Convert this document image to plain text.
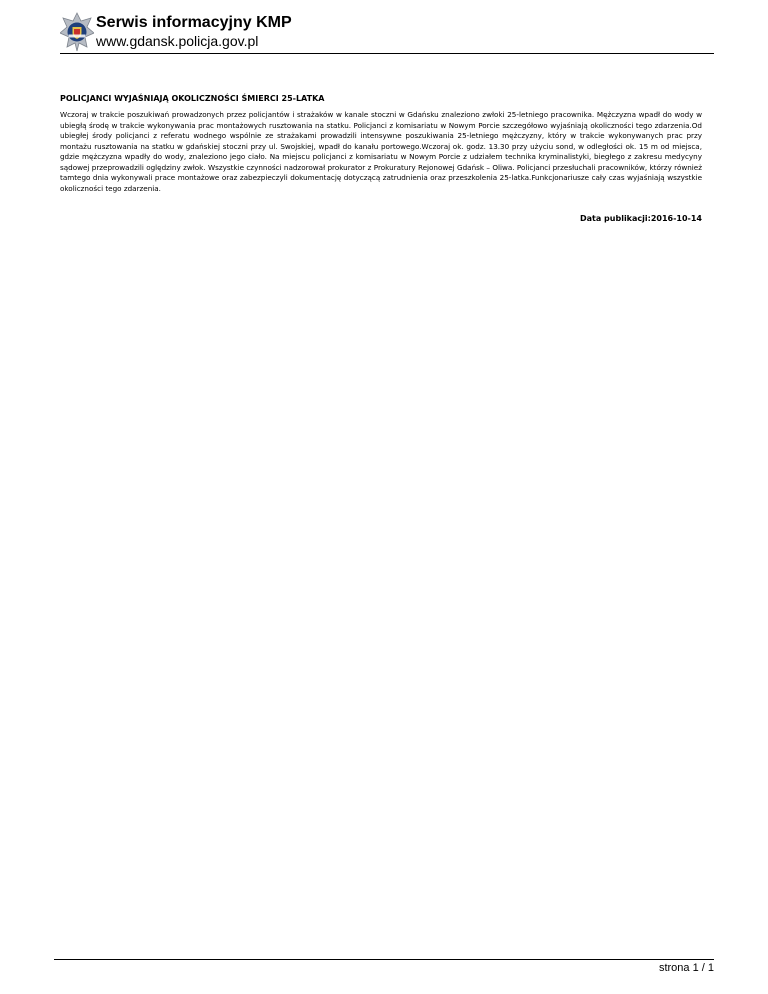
Serwis informacyjny KMP
www.gdansk.policja.gov.pl
POLICJANCI WYJAŚNIAJĄ OKOLICZNOŚCI ŚMIERCI 25-LATKA
Wczoraj w trakcie poszukiwań prowadzonych przez policjantów i strażaków w kanale stoczni w Gdańsku znaleziono zwłoki 25-letniego pracownika. Mężczyzna wpadł do wody w ubiegłą środę w trakcie wykonywania prac montażowych rusztowania na statku. Policjanci z komisariatu w Nowym Porcie szczegółowo wyjaśniają okoliczności tego zdarzenia.Od ubiegłej środy policjanci z referatu wodnego wspólnie ze strażakami prowadzili intensywne poszukiwania 25-letniego mężczyzny, który w trakcie wykonywanych prac przy montażu rusztowania na statku w gdańskiej stoczni przy ul. Swojskiej, wpadł do kanału portowego.Wczoraj ok. godz. 13.30 przy użyciu sond, w odległości ok. 15 m od miejsca, gdzie mężczyzna wpadły do wody, znaleziono jego ciało. Na miejscu policjanci z komisariatu w Nowym Porcie z udziałem technika kryminalistyki, biegłego z zakresu medycyny sądowej przeprowadzili oględziny zwłok. Wszystkie czynności nadzorował prokurator z Prokuratury Rejonowej Gdańsk – Oliwa. Policjanci przesłuchali pracowników, którzy również tamtego dnia wykonywali prace montażowe oraz zabezpieczyli dokumentację dotyczącą zatrudnienia oraz przeszkolenia 25-latka.Funkcjonariusze cały czas wyjaśniają wszystkie okoliczności tego zdarzenia.
Data publikacji:2016-10-14
strona 1 / 1
